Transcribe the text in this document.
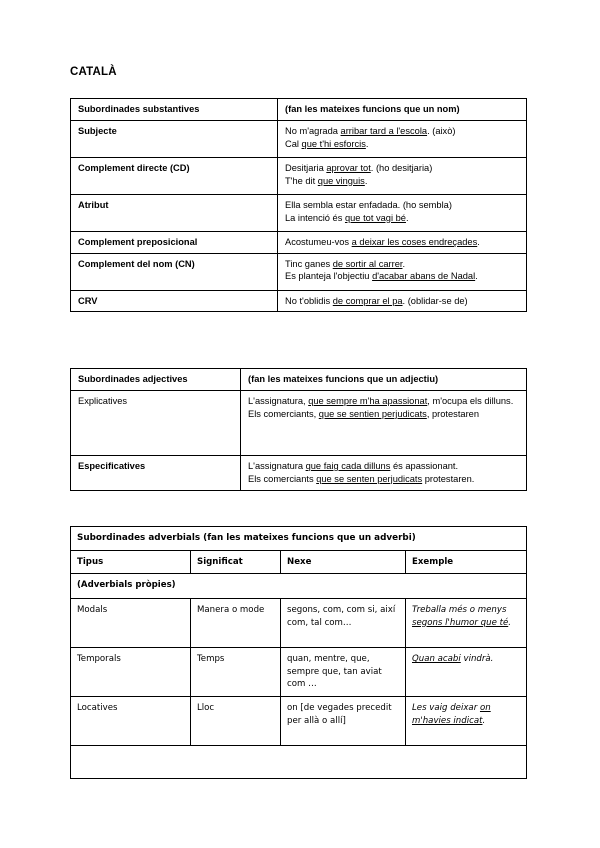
CATALÀ
Subordinades substantives	(fan les mateixes funcions que un nom)
Subjecte	No m'agrada arribar tard a l'escola. (això)
Cal que t'hi esforcis.
Complement directe (CD)	Desitjaria aprovar tot. (ho desitjaria)
T'he dit que vinguis.
Atribut	Ella sembla estar enfadada. (ho sembla)
La intenció és que tot vagi bé.
Complement preposicional	Acostumeu-vos a deixar les coses endreçades.
Complement del nom (CN)	Tinc ganes de sortir al carrer.
Es planteja l'objectiu d'acabar abans de Nadal.
CRV	No t'oblidis de comprar el pa. (oblidar-se de)
Subordinades adjectives	(fan les mateixes funcions que un adjectiu)
Explicatives	L'assignatura, que sempre m'ha apassionat, m'ocupa els dilluns.
Els comerciants, que se sentien perjudicats, protestaren
Especificatives	L'assignatura que faig cada dilluns és apassionant.
Els comerciants que se senten perjudicats protestaren.
Subordinades adverbials (fan les mateixes funcions que un adverbi)			
Tipus	Significat	Nexe	Exemple
(Adverbials pròpies)			
Modals	Manera o mode	segons, com, com si, així com, tal com…	Treballa més o menys segons l'humor que té.
Temporals	Temps	quan, mentre, que, sempre que, tan aviat com …	Quan acabi vindrà.
Locatives	Lloc	on [de vegades precedit per allà o allí]	Les vaig deixar on m'havies indicat.
